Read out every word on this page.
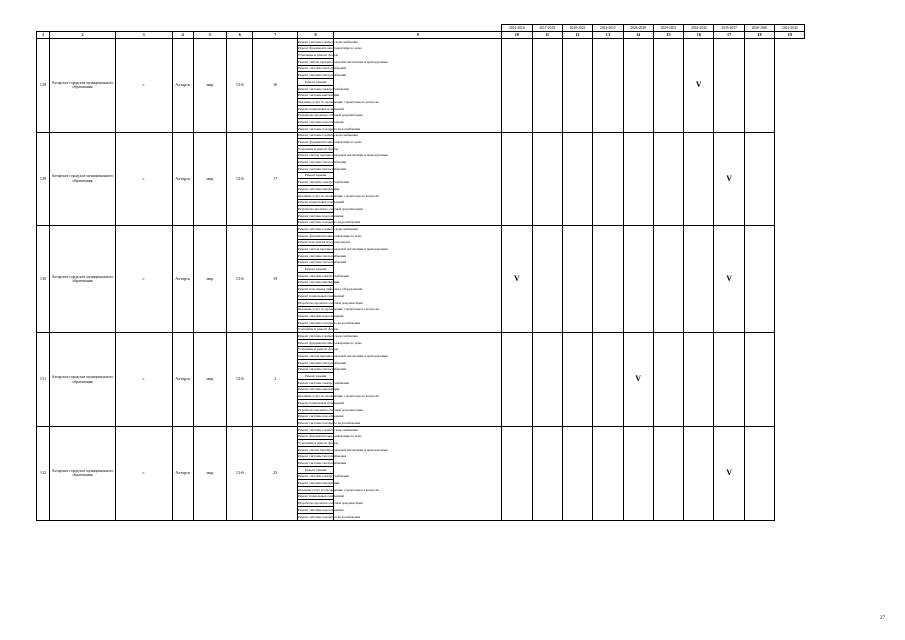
									2014-2016	2017-2019	2020-2022	2023-2025	2026-2028	2029-2031	2032-2034	2035-2037	2038-2040	2041-2043
1	2	3	4	5	6	7	8	9	10	11	12	13	14	15	16	17	18	19
128	Ахтарское городское муниципального образования	г.	Ахтарск	мкр	13-й	16	Ремонт системы горячего водоснабжения								V			
							Ремонт фундамента многоквартирного дома											
							Утепление и ремонт фасада											
							Ремонт систем противопожарной автоматики и дымоудаления											
							Ремонт системы теплоснабжения											
							Ремонт системы теплоснабжения											
							Ремонт крыши											
							Ремонт системы электроснабжения											
							Ремонт системы вентиляции											
							Оказание услуг по проведению строительного контроля											
							Ремонт подвальных помещений											
							Разработка проектно-сметной документации											
							Ремонт системы водоотведения											
							Ремонт системы холодного водоснабжения											
129	Ахтарское городское муниципального образования	г.	Ахтарск	мкр	13-й	17	Ремонт системы горячего водоснабжения									V		
							Ремонт фундамента многоквартирного дома											
							Утепление и ремонт фасада											
							Ремонт систем противопожарной автоматики и дымоудаления											
							Ремонт системы теплоснабжения											
							Ремонт системы теплоснабжения											
							Ремонт крыши											
							Ремонт системы электроснабжения											
							Ремонт системы вентиляции											
							Оказание услуг по проведению строительного контроля											
							Ремонт подвальных помещений											
							Разработка проектно-сметной документации											
							Ремонт системы водоотведения											
							Ремонт системы холодного водоснабжения											
130	Ахтарское городское муниципального образования	г.	Ахтарск	мкр	13-й	19	Ремонт системы горячего водоснабжения		V							V		
							Ремонт фундамента многоквартирного дома											
							Ремонт или замена мусоропроводов											
							Ремонт систем противопожарной автоматики и дымоудаления											
							Ремонт системы теплоснабжения											
							Ремонт системы теплоснабжения											
							Ремонт крыши											
							Ремонт системы электроснабжения											
							Ремонт системы вентиляции											
							Ремонт или замену лифтового оборудования											
							Ремонт подвальных помещений											
							Разработка проектно-сметной документации											
							Оказание услуг по проведению строительного контроля											
							Ремонт системы водоотведения											
							Ремонт системы холодного водоснабжения											
							Утепление и ремонт фасада											
131	Ахтарское городское муниципального образования	г.	Ахтарск	мкр	13-й	2	Ремонт системы горячего водоснабжения						V					
							Ремонт фундамента многоквартирного дома											
							Утепление и ремонт фасада											
							Ремонт систем противопожарной автоматики и дымоудаления											
							Ремонт системы теплоснабжения											
							Ремонт системы теплоснабжения											
							Ремонт крыши											
							Ремонт системы электроснабжения											
							Ремонт системы вентиляции											
							Оказание услуг по проведению строительного контроля											
							Ремонт подвальных помещений											
							Разработка проектно-сметной документации											
							Ремонт системы водоотведения											
							Ремонт системы холодного водоснабжения											
132	Ахтарское городское муниципального образования	г.	Ахтарск	мкр	13-й	23	Ремонт системы горячего водоснабжения									V		
							Ремонт фундамента многоквартирного дома											
							Утепление и ремонт фасада											
							Ремонт систем противопожарной автоматики и дымоудаления											
							Ремонт системы теплоснабжения											
							Ремонт системы теплоснабжения											
							Ремонт крыши											
							Ремонт системы электроснабжения											
							Ремонт системы вентиляции											
							Оказание услуг по проведению строительного контроля											
							Ремонт подвальных помещений											
							Разработка проектно-сметной документации											
							Ремонт системы водоотведения											
							Ремонт системы холодного водоснабжения											
27
